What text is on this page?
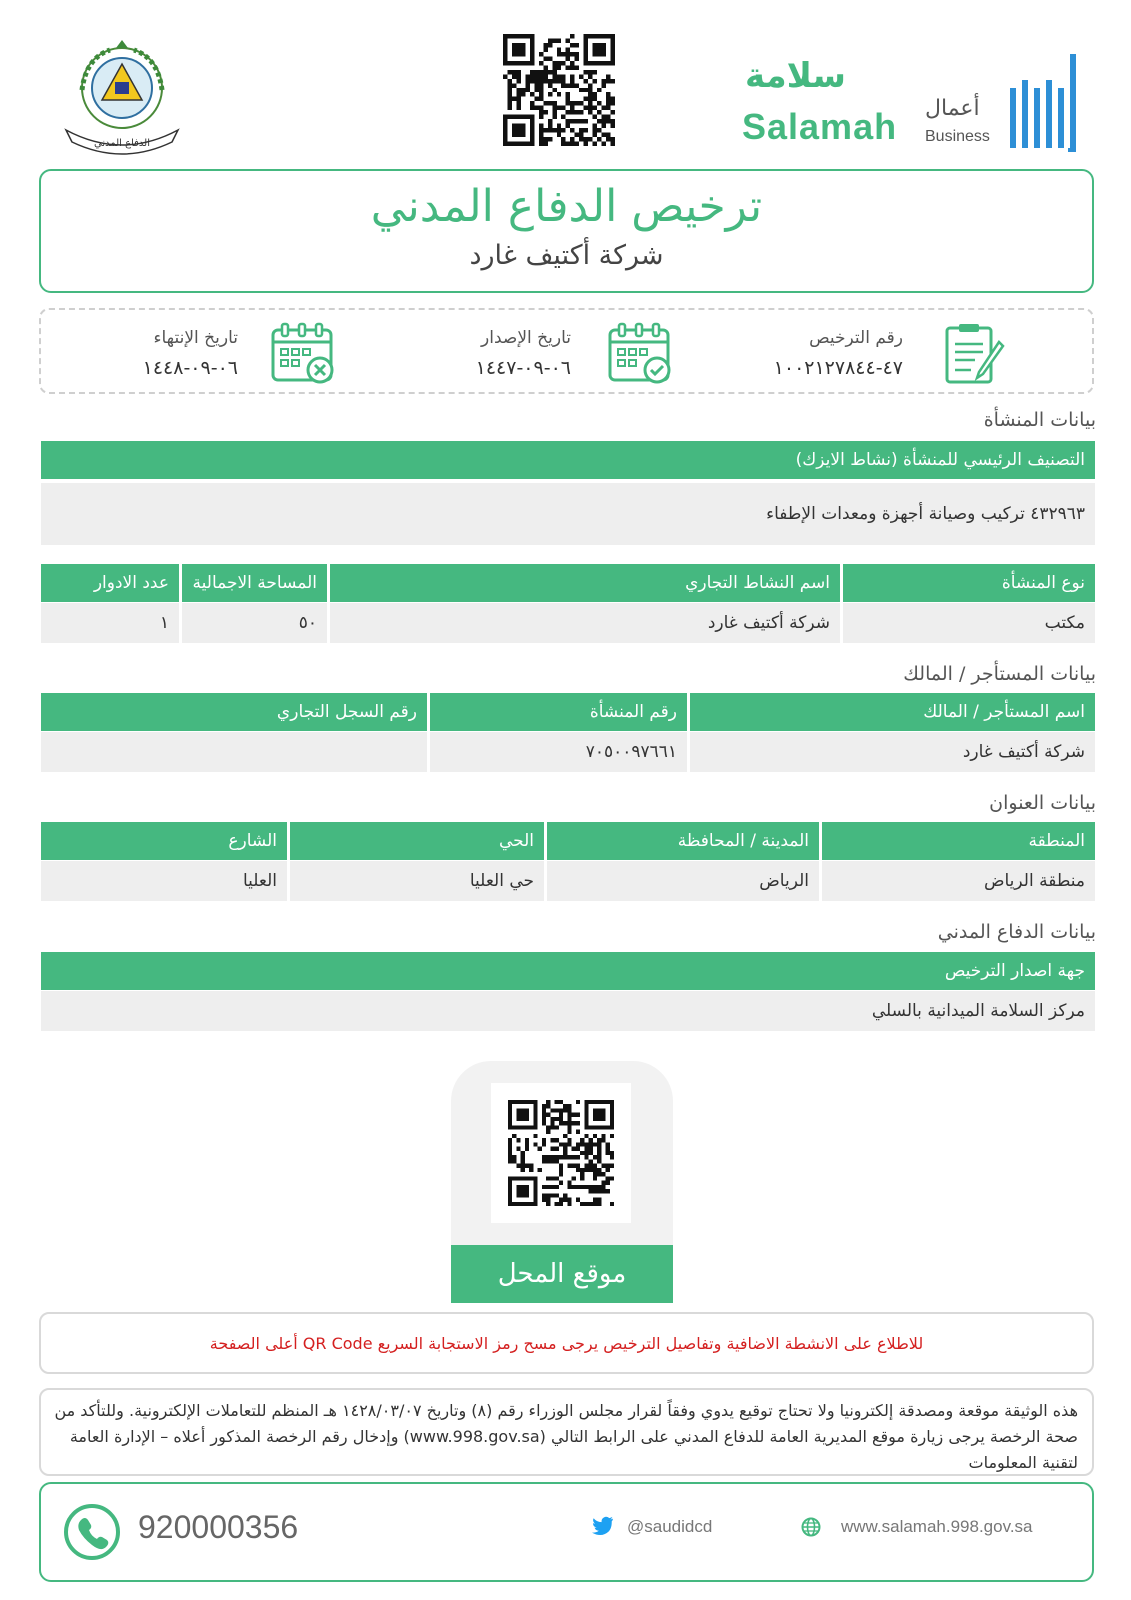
الدفاع المدني
سلامة
Salamah أعمال
Business
ترخيص الدفاع المدني
شركة أكتيف غارد
رقم الترخيص
٤٧-١٠٠٢١٢٧٨٤٤
تاريخ الإصدار
٠٦-٠٩-١٤٤٧
تاريخ الإنتهاء
٠٦-٠٩-١٤٤٨
بيانات المنشأة
التصنيف الرئيسي للمنشأة (نشاط الايزك)
٤٣٢٩٦٣ تركيب وصيانة أجهزة ومعدات الإطفاء
نوع المنشأة
اسم النشاط التجاري
المساحة الاجمالية
عدد الادوار
مكتب
شركة أكتيف غارد
٥٠
١
بيانات المستأجر / المالك
اسم المستأجر / المالك
رقم المنشأة
رقم السجل التجاري
شركة أكتيف غارد
٧٠٥٠٠٩٧٦٦١
بيانات العنوان
المنطقة
المدينة / المحافظة
الحي
الشارع
منطقة الرياض
الرياض
حي العليا
العليا
بيانات الدفاع المدني
جهة اصدار الترخيص
مركز السلامة الميدانية بالسلي
موقع المحل
للاطلاع على الانشطة الاضافية وتفاصيل الترخيص يرجى مسح رمز الاستجابة السريع QR Code أعلى الصفحة
هذه الوثيقة موقعة ومصدقة إلكترونيا ولا تحتاج توقيع يدوي وفقاً لقرار مجلس الوزراء رقم (٨) وتاريخ ١٤٢٨/٠٣/٠٧ هـ المنظم للتعاملات الإلكترونية. وللتأكد من صحة الرخصة يرجى زيارة موقع المديرية العامة للدفاع المدني على الرابط التالي (www.998.gov.sa) وإدخال رقم الرخصة المذكور أعلاه – الإدارة العامة لتقنية المعلومات
920000356	@saudidcd	www.salamah.998.gov.sa
